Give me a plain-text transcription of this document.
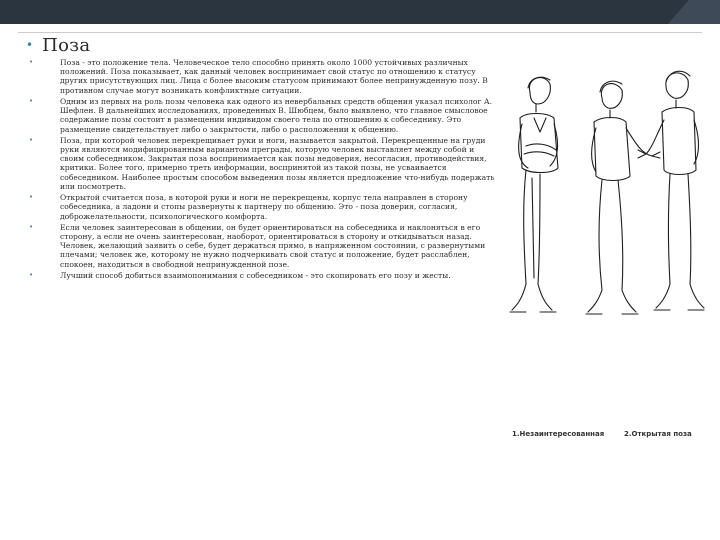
• Поза
•	Поза - это положение тела. Человеческое тело способно принять около 1000 устойчивых различных положений. Поза показывает, как данный человек воспринимает свой статус по отношению к статусу других присутствующих лиц. Лица с более высоким статусом принимают более непринужденную позу. В противном случае могут возникать конфликтные ситуации.
•	Одним из первых на роль позы человека как одного из невербальных средств общения указал психолог А. Шефлен. В дальнейших исследованиях, проведенных В. Шюбцем, было выявлено, что главное смысловое содержание позы состоит в размещении индивидом своего тела по отношению к собеседнику. Это размещение свидетельствует либо о закрытости, либо о расположении к общению.
•	Поза, при которой человек перекрещивает руки и ноги, называется закрытой. Перекрещенные на груди руки являются модифицированным вариантом преграды, которую человек выставляет между собой и своим собеседником. Закрытая поза воспринимается как позы недоверия, несогласия, противодействия, критики. Более того, примерно треть информации, воспринятой из такой позы, не усваивается собеседником. Наиболее простым способом выведения позы является предложение что-нибудь подержать или посмотреть.
•	Открытой считается поза, в которой руки и ноги не перекрещены, корпус тела направлен в сторону собеседника, а ладони и стопы развернуты к партнеру по общению. Это - поза доверия, согласия, доброжелательности, психологического комфорта.
•	Если человек заинтересован в общении, он будет ориентироваться на собеседника и наклоняться в его сторону, а если не очень заинтересован, наоборот, ориентироваться в сторону и откидываться назад. Человек, желающий заявить о себе, будет держаться прямо, в напряженном состоянии, с развернутыми плечами; человек же, которому не нужно подчеркивать свой статус и положение, будет расслаблен, спокоен, находиться в свободной непринужденной позе.
•	Лучший способ добиться взаимопонимания с собеседником - это скопировать его позу и жесты.
1.Незаинтересованная	2.Открытая поза
